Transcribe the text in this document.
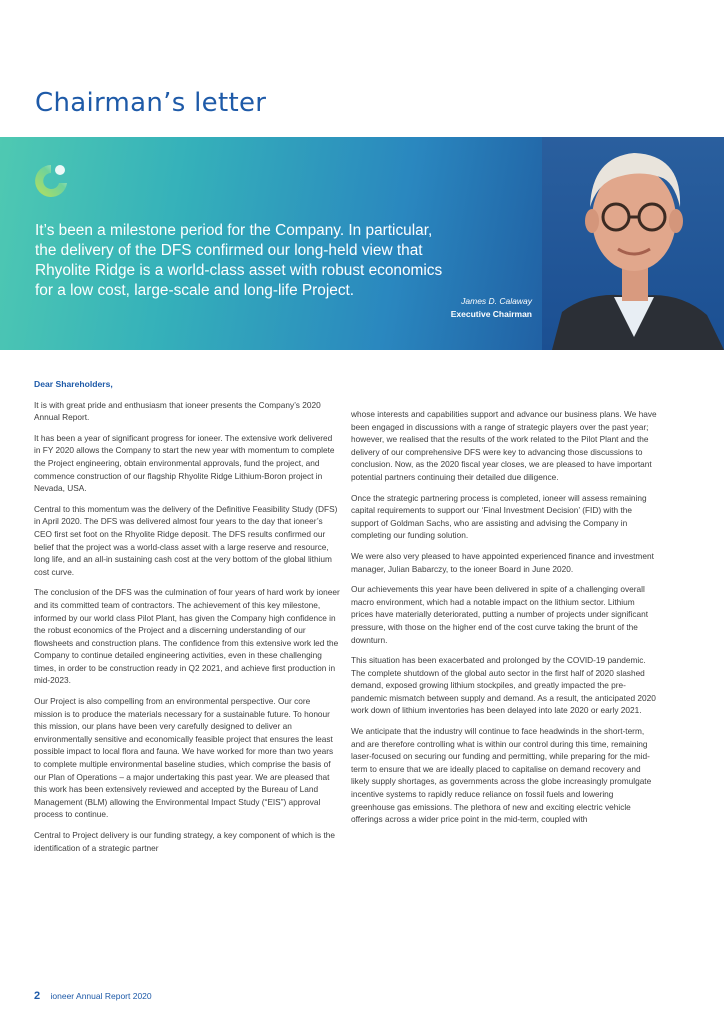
Chairman’s letter

It’s been a milestone period for the Company. In particular, the delivery of the DFS confirmed our long-held view that Rhyolite Ridge is a world-class asset with robust economics for a low cost, large-scale and long-life Project.

James D. Calaway
Executive Chairman

Dear Shareholders,

It is with great pride and enthusiasm that ioneer presents the Company’s 2020 Annual Report.

It has been a year of significant progress for ioneer. The extensive work delivered in FY 2020 allows the Company to start the new year with momentum to complete the Project engineering, obtain environmental approvals, fund the project, and commence construction of our flagship Rhyolite Ridge Lithium-Boron project in Nevada, USA.

Central to this momentum was the delivery of the Definitive Feasibility Study (DFS) in April 2020. The DFS was delivered almost four years to the day that ioneer’s CEO first set foot on the Rhyolite Ridge deposit. The DFS results confirmed our belief that the project was a world-class asset with a large reserve and resource, long life, and an all-in sustaining cash cost at the very bottom of the global lithium cost curve.

The conclusion of the DFS was the culmination of four years of hard work by ioneer and its committed team of contractors. The achievement of this key milestone, informed by our world class Pilot Plant, has given the Company high confidence in the robust economics of the Project and a discerning understanding of our flowsheets and construction plans. The confidence from this extensive work led the Company to continue detailed engineering activities, even in these challenging times, in order to be construction ready in Q2 2021, and achieve first production in mid-2023.

Our Project is also compelling from an environmental perspective. Our core mission is to produce the materials necessary for a sustainable future. To honour this mission, our plans have been very carefully designed to deliver an environmentally sensitive and economically feasible project that ensures the least possible impact to local flora and fauna. We have worked for more than two years to complete multiple environmental baseline studies, which comprise the basis of our Plan of Operations – a major undertaking this past year. We are pleased that this work has been extensively reviewed and accepted by the Bureau of Land Management (BLM) allowing the Environmental Impact Study (“EIS”) approval process to continue.

Central to Project delivery is our funding strategy, a key component of which is the identification of a strategic partner

whose interests and capabilities support and advance our business plans. We have been engaged in discussions with a range of strategic players over the past year; however, we realised that the results of the work related to the Pilot Plant and the delivery of our comprehensive DFS were key to advancing those discussions to conclusion. Now, as the 2020 fiscal year closes, we are pleased to have important potential partners continuing their detailed due diligence.

Once the strategic partnering process is completed, ioneer will assess remaining capital requirements to support our ‘Final Investment Decision’ (FID) with the support of Goldman Sachs, who are assisting and advising the Company in completing our funding solution.

We were also very pleased to have appointed experienced finance and investment manager, Julian Babarczy, to the ioneer Board in June 2020.

Our achievements this year have been delivered in spite of a challenging overall macro environment, which had a notable impact on the lithium sector. Lithium prices have materially deteriorated, putting a number of projects under significant pressure, with those on the higher end of the cost curve taking the brunt of the downturn.

This situation has been exacerbated and prolonged by the COVID-19 pandemic. The complete shutdown of the global auto sector in the first half of 2020 slashed demand, exposed growing lithium stockpiles, and greatly impacted the pre-pandemic mismatch between supply and demand. As a result, the anticipated 2020 work down of lithium inventories has been delayed into late 2020 or early 2021.

We anticipate that the industry will continue to face headwinds in the short-term, and are therefore controlling what is within our control during this time, remaining laser-focused on securing our funding and permitting, while preparing for the mid-term to ensure that we are ideally placed to capitalise on demand recovery and likely supply shortages, as governments across the globe increasingly promulgate incentive systems to rapidly reduce reliance on fossil fuels and lowering greenhouse gas emissions. The plethora of new and exciting electric vehicle offerings across a wider price point in the mid-term, coupled with

2 ioneer Annual Report 2020
